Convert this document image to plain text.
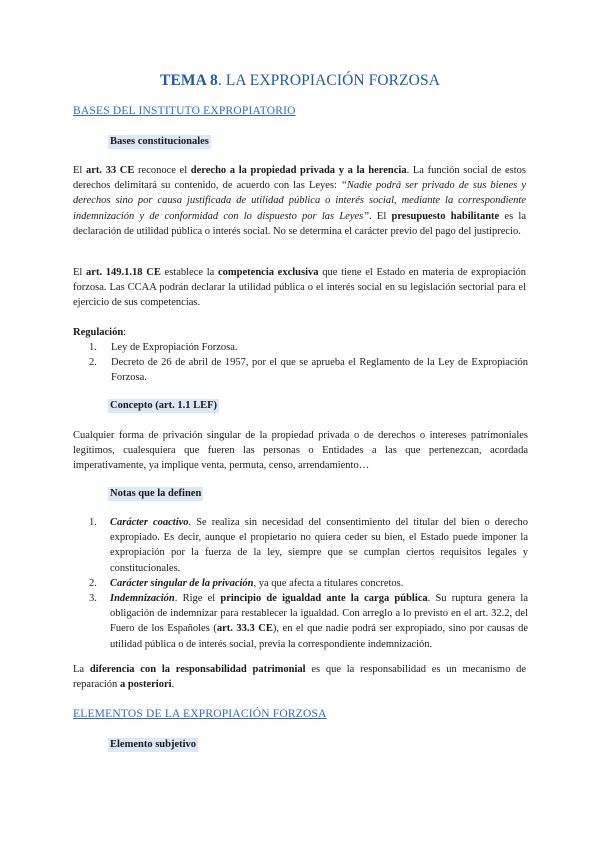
TEMA 8. LA EXPROPIACIÓN FORZOSA
BASES DEL INSTITUTO EXPROPIATORIO
Bases constitucionales
El art. 33 CE reconoce el derecho a la propiedad privada y a la herencia. La función social de estos derechos delimitará su contenido, de acuerdo con las Leyes: “Nadie podrá ser privado de sus bienes y derechos sino por causa justificada de utilidad pública o interés social, mediante la correspondiente indemnización y de conformidad con lo dispuesto por las Leyes”. El presupuesto habilitante es la declaración de utilidad pública o interés social. No se determina el carácter previo del pago del justiprecio.
El art. 149.1.18 CE establece la competencia exclusiva que tiene el Estado en materia de expropiación forzosa. Las CCAA podrán declarar la utilidad pública o el interés social en su legislación sectorial para el ejercicio de sus competencias.
Regulación:
1. Ley de Expropiación Forzosa.
2. Decreto de 26 de abril de 1957, por el que se aprueba el Reglamento de la Ley de Expropiación Forzosa.
Concepto (art. 1.1 LEF)
Cualquier forma de privación singular de la propiedad privada o de derechos o intereses patrimoniales legítimos, cualesquiera que fueren las personas o Entidades a las que pertenezcan, acordada imperativamente, ya implique venta, permuta, censo, arrendamiento…
Notas que la definen
1. Carácter coactivo. Se realiza sin necesidad del consentimiento del titular del bien o derecho expropiado. Es decir, aunque el propietario no quiera ceder su bien, el Estado puede imponer la expropiación por la fuerza de la ley, siempre que se cumplan ciertos requisitos legales y constitucionales.
2. Carácter singular de la privación, ya que afecta a titulares concretos.
3. Indemnización. Rige el principio de igualdad ante la carga pública. Su ruptura genera la obligación de indemnizar para restablecer la igualdad. Con arreglo a lo previsto en el art. 32.2, del Fuero de los Españoles (art. 33.3 CE), en el que nadie podrá ser expropiado, sino por causas de utilidad pública o de interés social, previa la correspondiente indemnización.
La diferencia con la responsabilidad patrimonial es que la responsabilidad es un mecanismo de reparación a posteriori.
ELEMENTOS DE LA EXPROPIACIÓN FORZOSA
Elemento subjetivo
